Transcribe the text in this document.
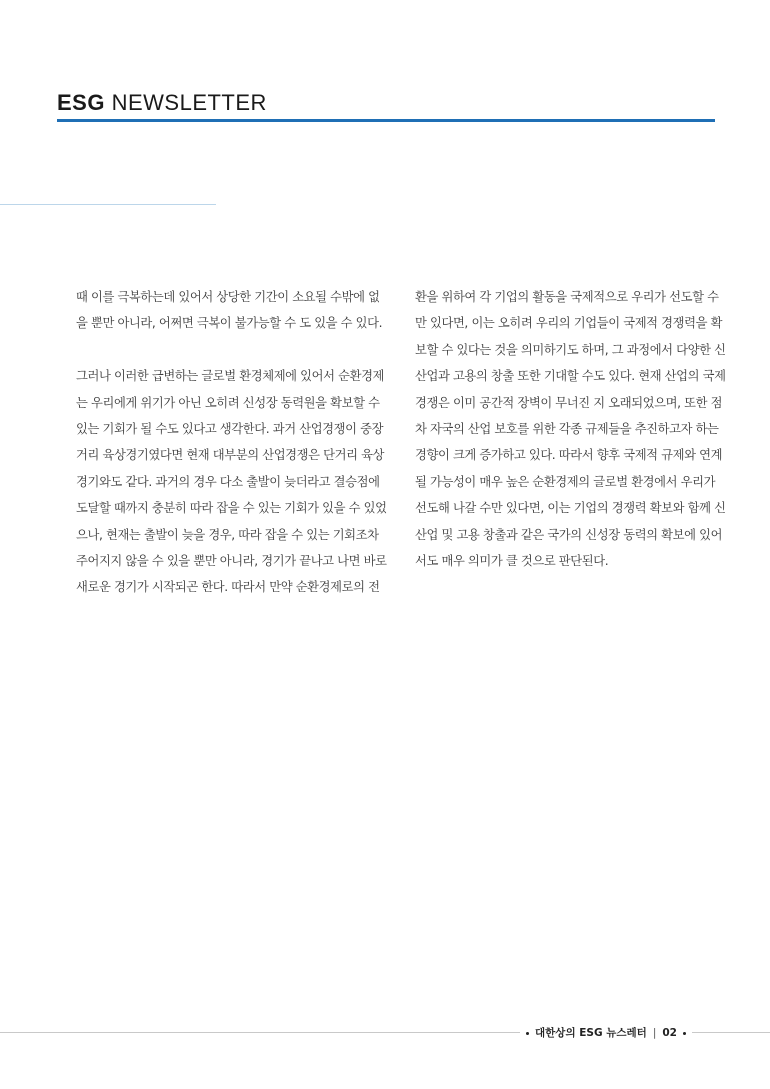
ESG NEWSLETTER
때 이를 극복하는데 있어서 상당한 기간이 소요될 수밖에 없
을 뿐만 아니라, 어쩌면 극복이 불가능할 수 도 있을 수 있다.
그러나 이러한 급변하는 글로벌 환경체제에 있어서 순환경제
는 우리에게 위기가 아닌 오히려 신성장 동력원을 확보할 수
있는 기회가 될 수도 있다고 생각한다. 과거 산업경쟁이 중장
거리 육상경기였다면 현재 대부분의 산업경쟁은 단거리 육상
경기와도 같다. 과거의 경우 다소 출발이 늦더라고 결승점에
도달할 때까지 충분히 따라 잡을 수 있는 기회가 있을 수 있었
으나, 현재는 출발이 늦을 경우, 따라 잡을 수 있는 기회조차
주어지지 않을 수 있을 뿐만 아니라, 경기가 끝나고 나면 바로
새로운 경기가 시작되곤 한다. 따라서 만약 순환경제로의 전
환을 위하여 각 기업의 활동을 국제적으로 우리가 선도할 수
만 있다면, 이는 오히려 우리의 기업들이 국제적 경쟁력을 확
보할 수 있다는 것을 의미하기도 하며, 그 과정에서 다양한 신
산업과 고용의 창출 또한 기대할 수도 있다. 현재 산업의 국제
경쟁은 이미 공간적 장벽이 무너진 지 오래되었으며, 또한 점
차 자국의 산업 보호를 위한 각종 규제들을 추진하고자 하는
경향이 크게 증가하고 있다. 따라서 향후 국제적 규제와 연계
될 가능성이 매우 높은 순환경제의 글로벌 환경에서 우리가
선도해 나갈 수만 있다면, 이는 기업의 경쟁력 확보와 함께 신
산업 및 고용 창출과 같은 국가의 신성장 동력의 확보에 있어
서도 매우 의미가 클 것으로 판단된다.
대한상의 ESG 뉴스레터 | 02
